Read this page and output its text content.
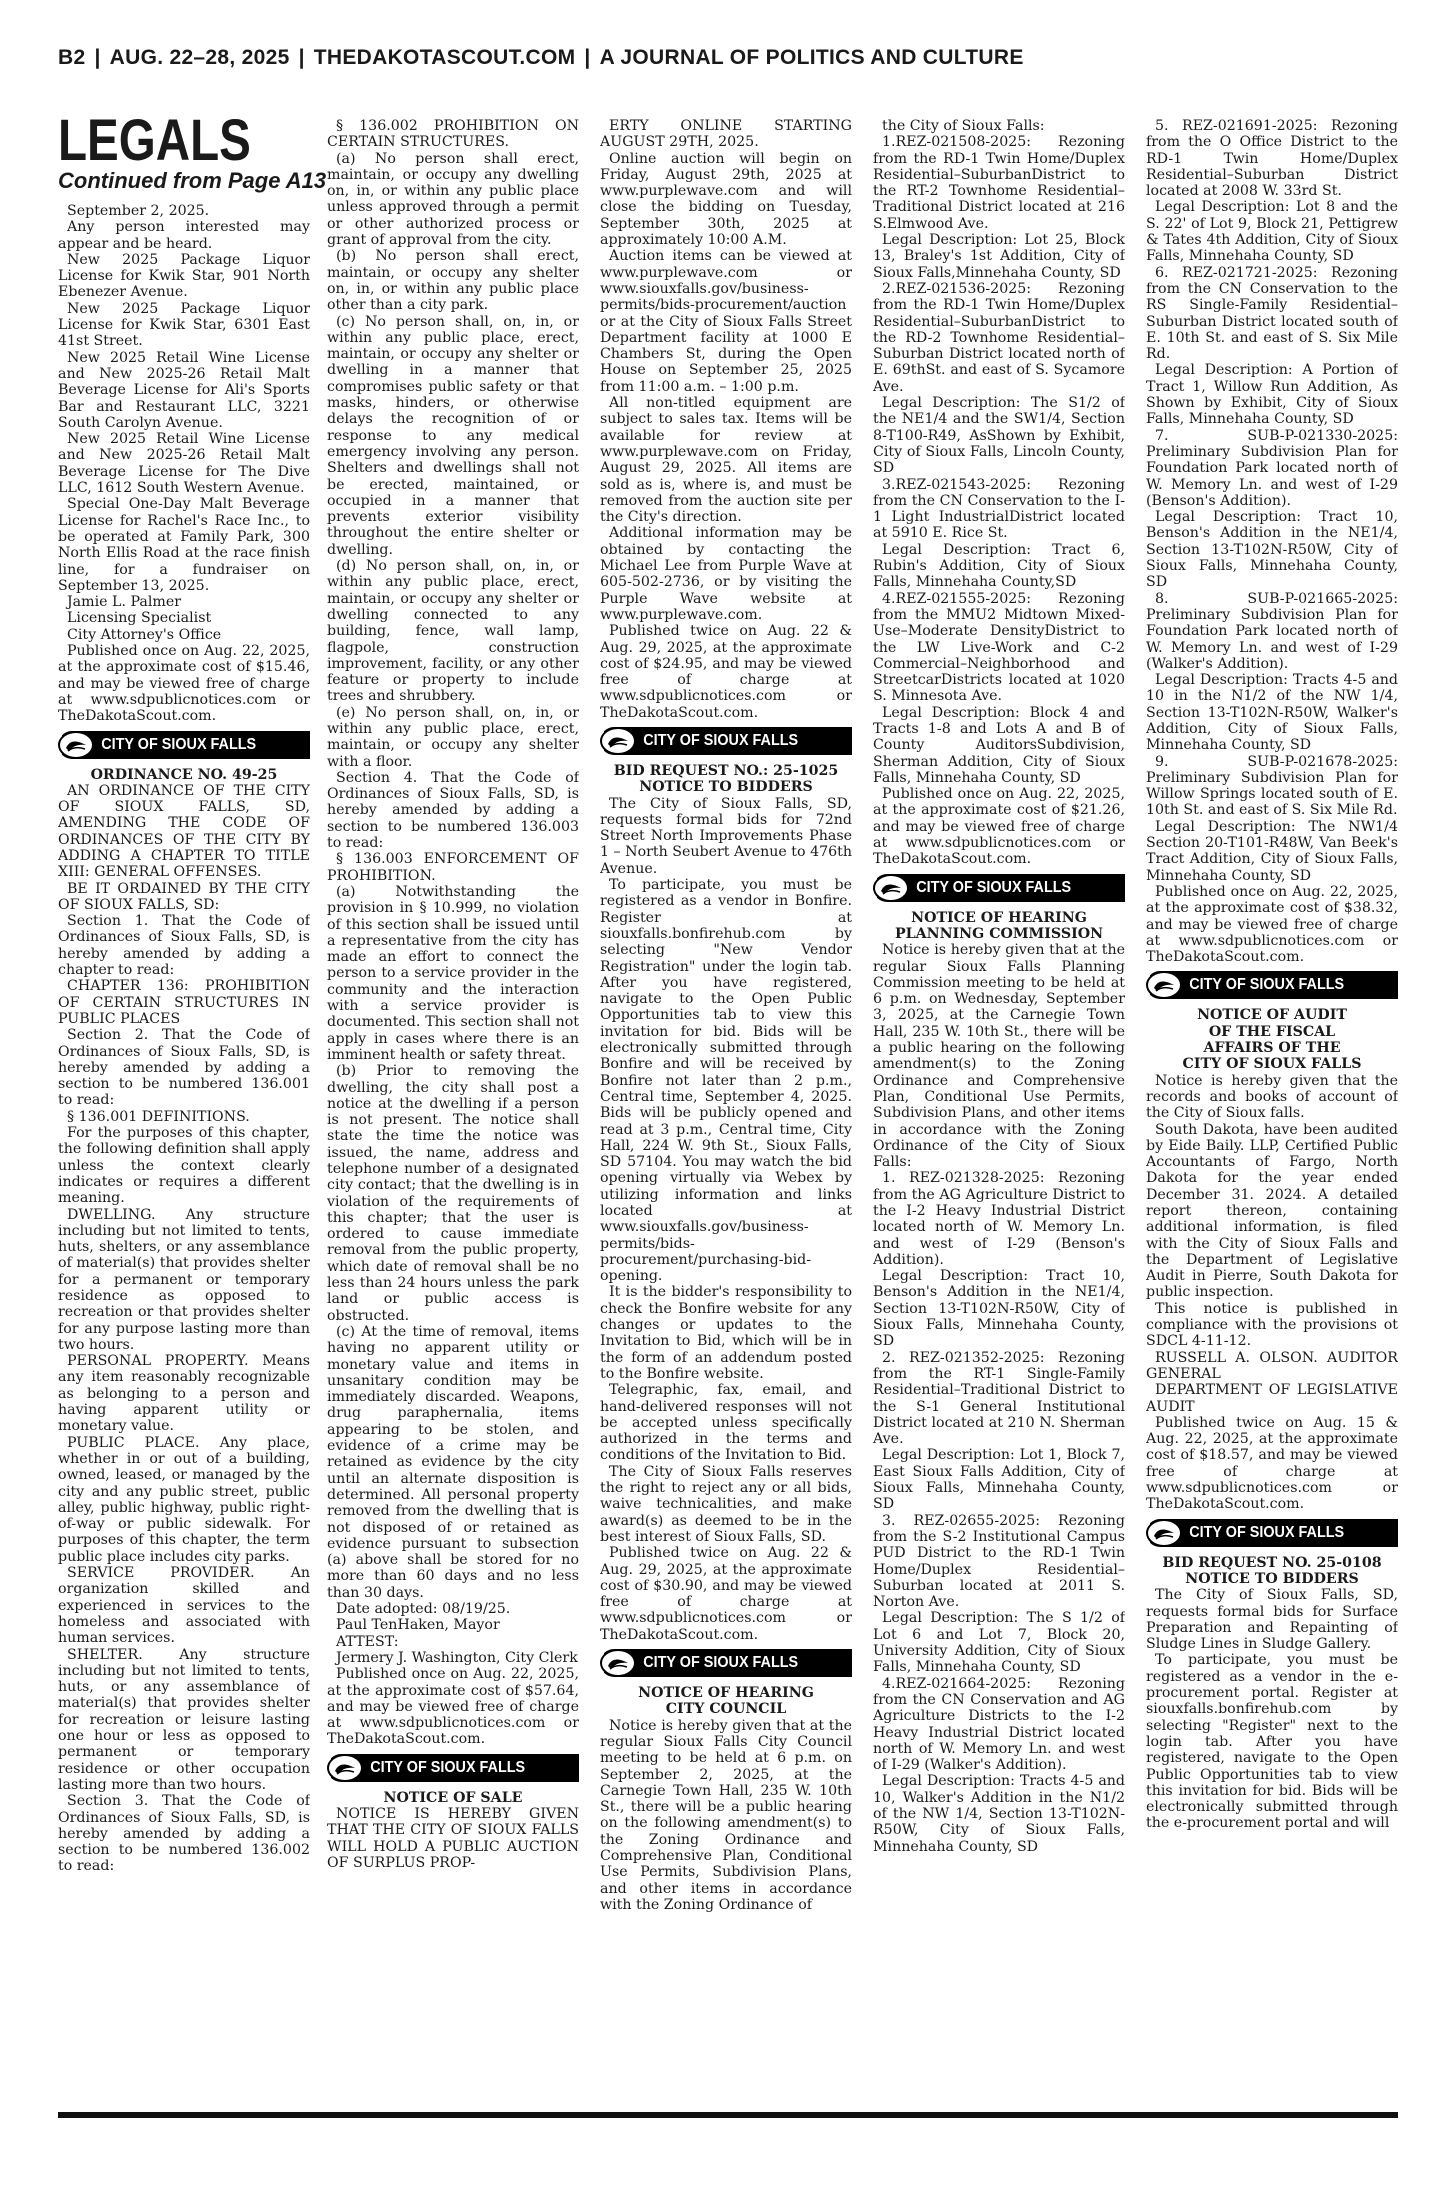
B2 | AUG. 22–28, 2025 | THEDAKOTASCOUT.COM | A JOURNAL OF POLITICS AND CULTURE
LEGALS
Continued from Page A13

September 2, 2025.

Any person interested may appear and be heard.

New 2025 Package Liquor License for Kwik Star, 901 North Ebenezer Avenue.

New 2025 Package Liquor License for Kwik Star, 6301 East 41st Street.

New 2025 Retail Wine License and New 2025-26 Retail Malt Beverage License for Ali's Sports Bar and Restaurant LLC, 3221 South Carolyn Avenue.

New 2025 Retail Wine License and New 2025-26 Retail Malt Beverage License for The Dive LLC, 1612 South Western Avenue.

Special One-Day Malt Beverage License for Rachel's Race Inc., to be operated at Family Park, 300 North Ellis Road at the race finish line, for a fundraiser on September 13, 2025.

Jamie L. Palmer

Licensing Specialist

City Attorney's Office

Published once on Aug. 22, 2025, at the approximate cost of $15.46, and may be viewed free of charge at www.sdpublicnotices.com or TheDakotaScout.com.

CITY OF SIOUX FALLS
ORDINANCE NO. 49-25

AN ORDINANCE OF THE CITY OF SIOUX FALLS, SD, AMENDING THE CODE OF ORDINANCES OF THE CITY BY ADDING A CHAPTER TO TITLE XIII: GENERAL OFFENSES.

BE IT ORDAINED BY THE CITY OF SIOUX FALLS, SD:

Section 1. That the Code of Ordinances of Sioux Falls, SD, is hereby amended by adding a chapter to read:

CHAPTER 136: PROHIBITION OF CERTAIN STRUCTURES IN PUBLIC PLACES

Section 2. That the Code of Ordinances of Sioux Falls, SD, is hereby amended by adding a section to be numbered 136.001 to read:

§ 136.001 DEFINITIONS.

For the purposes of this chapter, the following definition shall apply unless the context clearly indicates or requires a different meaning.

DWELLING. Any structure including but not limited to tents, huts, shelters, or any assemblance of material(s) that provides shelter for a permanent or temporary residence as opposed to recreation or that provides shelter for any purpose lasting more than two hours.

PERSONAL PROPERTY. Means any item reasonably recognizable as belonging to a person and having apparent utility or monetary value.

PUBLIC PLACE. Any place, whether in or out of a building, owned, leased, or managed by the city and any public street, public alley, public highway, public right-of-way or public sidewalk. For purposes of this chapter, the term public place includes city parks.

SERVICE PROVIDER. An organization skilled and experienced in services to the homeless and associated with human services.

SHELTER. Any structure including but not limited to tents, huts, or any assemblance of material(s) that provides shelter for recreation or leisure lasting one hour or less as opposed to permanent or temporary residence or other occupation lasting more than two hours.

Section 3. That the Code of Ordinances of Sioux Falls, SD, is hereby amended by adding a section to be numbered 136.002 to read:

§ 136.002 PROHIBITION ON CERTAIN STRUCTURES.

(a) No person shall erect, maintain, or occupy any dwelling on, in, or within any public place unless approved through a permit or other authorized process or grant of approval from the city.

(b) No person shall erect, maintain, or occupy any shelter on, in, or within any public place other than a city park.

(c) No person shall, on, in, or within any public place, erect, maintain, or occupy any shelter or dwelling in a manner that compromises public safety or that masks, hinders, or otherwise delays the recognition of or response to any medical emergency involving any person. Shelters and dwellings shall not be erected, maintained, or occupied in a manner that prevents exterior visibility throughout the entire shelter or dwelling.

(d) No person shall, on, in, or within any public place, erect, maintain, or occupy any shelter or dwelling connected to any building, fence, wall lamp, flagpole, construction improvement, facility, or any other feature or property to include trees and shrubbery.

(e) No person shall, on, in, or within any public place, erect, maintain, or occupy any shelter with a floor.

Section 4. That the Code of Ordinances of Sioux Falls, SD, is hereby amended by adding a section to be numbered 136.003 to read:

§ 136.003 ENFORCEMENT OF PROHIBITION.

(a) Notwithstanding the provision in § 10.999, no violation of this section shall be issued until a representative from the city has made an effort to connect the person to a service provider in the community and the interaction with a service provider is documented. This section shall not apply in cases where there is an imminent health or safety threat.

(b) Prior to removing the dwelling, the city shall post a notice at the dwelling if a person is not present. The notice shall state the time the notice was issued, the name, address and telephone number of a designated city contact; that the dwelling is in violation of the requirements of this chapter; that the user is ordered to cause immediate removal from the public property, which date of removal shall be no less than 24 hours unless the park land or public access is obstructed.

(c) At the time of removal, items having no apparent utility or monetary value and items in unsanitary condition may be immediately discarded. Weapons, drug paraphernalia, items appearing to be stolen, and evidence of a crime may be retained as evidence by the city until an alternate disposition is determined. All personal property removed from the dwelling that is not disposed of or retained as evidence pursuant to subsection (a) above shall be stored for no more than 60 days and no less than 30 days.

Date adopted: 08/19/25.

Paul TenHaken, Mayor

ATTEST:

Jermery J. Washington, City Clerk

Published once on Aug. 22, 2025, at the approximate cost of $57.64, and may be viewed free of charge at www.sdpublicnotices.com or TheDakotaScout.com.

CITY OF SIOUX FALLS
NOTICE OF SALE

NOTICE IS HEREBY GIVEN THAT THE CITY OF SIOUX FALLS WILL HOLD A PUBLIC AUCTION OF SURPLUS PROP-

ERTY ONLINE STARTING AUGUST 29TH, 2025.

Online auction will begin on Friday, August 29th, 2025 at www.purplewave.com and will close the bidding on Tuesday, September 30th, 2025 at approximately 10:00 A.M.

Auction items can be viewed at www.purplewave.com or www.siouxfalls.gov/business-permits/bids-procurement/auction or at the City of Sioux Falls Street Department facility at 1000 E Chambers St, during the Open House on September 25, 2025 from 11:00 a.m. – 1:00 p.m.

All non-titled equipment are subject to sales tax. Items will be available for review at www.purplewave.com on Friday, August 29, 2025. All items are sold as is, where is, and must be removed from the auction site per the City's direction.

Additional information may be obtained by contacting the Michael Lee from Purple Wave at 605-502-2736, or by visiting the Purple Wave website at www.purplewave.com.

Published twice on Aug. 22 & Aug. 29, 2025, at the approximate cost of $24.95, and may be viewed free of charge at www.sdpublicnotices.com or TheDakotaScout.com.

CITY OF SIOUX FALLS
BID REQUEST NO.: 25-1025
NOTICE TO BIDDERS

The City of Sioux Falls, SD, requests formal bids for 72nd Street North Improvements Phase 1 – North Seubert Avenue to 476th Avenue.

To participate, you must be registered as a vendor in Bonfire. Register at siouxfalls.bonfirehub.com by selecting "New Vendor Registration" under the login tab. After you have registered, navigate to the Open Public Opportunities tab to view this invitation for bid. Bids will be electronically submitted through Bonfire and will be received by Bonfire not later than 2 p.m., Central time, September 4, 2025. Bids will be publicly opened and read at 3 p.m., Central time, City Hall, 224 W. 9th St., Sioux Falls, SD 57104. You may watch the bid opening virtually via Webex by utilizing information and links located at www.siouxfalls.gov/business-permits/bids-procurement/purchasing-bid-opening.

It is the bidder's responsibility to check the Bonfire website for any changes or updates to the Invitation to Bid, which will be in the form of an addendum posted to the Bonfire website.

Telegraphic, fax, email, and hand-delivered responses will not be accepted unless specifically authorized in the terms and conditions of the Invitation to Bid.

The City of Sioux Falls reserves the right to reject any or all bids, waive technicalities, and make award(s) as deemed to be in the best interest of Sioux Falls, SD.

Published twice on Aug. 22 & Aug. 29, 2025, at the approximate cost of $30.90, and may be viewed free of charge at www.sdpublicnotices.com or TheDakotaScout.com.

CITY OF SIOUX FALLS
NOTICE OF HEARING
CITY COUNCIL

Notice is hereby given that at the regular Sioux Falls City Council meeting to be held at 6 p.m. on September 2, 2025, at the Carnegie Town Hall, 235 W. 10th St., there will be a public hearing on the following amendment(s) to the Zoning Ordinance and Comprehensive Plan, Conditional Use Permits, Subdivision Plans, and other items in accordance with the Zoning Ordinance of

the City of Sioux Falls:

1.REZ-021508-2025: Rezoning from the RD-1 Twin Home/Duplex Residential–SuburbanDistrict to the RT-2 Townhome Residential–Traditional District located at 216 S.Elmwood Ave.

Legal Description: Lot 25, Block 13, Braley's 1st Addition, City of Sioux Falls,Minnehaha County, SD

2.REZ-021536-2025: Rezoning from the RD-1 Twin Home/Duplex Residential–SuburbanDistrict to the RD-2 Townhome Residential–Suburban District located north of E. 69thSt. and east of S. Sycamore Ave.

Legal Description: The S1/2 of the NE1/4 and the SW1/4, Section 8-T100-R49, AsShown by Exhibit, City of Sioux Falls, Lincoln County, SD

3.REZ-021543-2025: Rezoning from the CN Conservation to the I-1 Light IndustrialDistrict located at 5910 E. Rice St.

Legal Description: Tract 6, Rubin's Addition, City of Sioux Falls, Minnehaha County,SD

4.REZ-021555-2025: Rezoning from the MMU2 Midtown Mixed-Use–Moderate DensityDistrict to the LW Live-Work and C-2 Commercial–Neighborhood and StreetcarDistricts located at 1020 S. Minnesota Ave.

Legal Description: Block 4 and Tracts 1-8 and Lots A and B of County AuditorsSubdivision, Sherman Addition, City of Sioux Falls, Minnehaha County, SD

Published once on Aug. 22, 2025, at the approximate cost of $21.26, and may be viewed free of charge at www.sdpublicnotices.com or TheDakotaScout.com.

CITY OF SIOUX FALLS
NOTICE OF HEARING
PLANNING COMMISSION

Notice is hereby given that at the regular Sioux Falls Planning Commission meeting to be held at 6 p.m. on Wednesday, September 3, 2025, at the Carnegie Town Hall, 235 W. 10th St., there will be a public hearing on the following amendment(s) to the Zoning Ordinance and Comprehensive Plan, Conditional Use Permits, Subdivision Plans, and other items in accordance with the Zoning Ordinance of the City of Sioux Falls:

1. REZ-021328-2025: Rezoning from the AG Agriculture District to the I-2 Heavy Industrial District located north of W. Memory Ln. and west of I-29 (Benson's Addition).

Legal Description: Tract 10, Benson's Addition in the NE1/4, Section 13-T102N-R50W, City of Sioux Falls, Minnehaha County, SD

2. REZ-021352-2025: Rezoning from the RT-1 Single-Family Residential–Traditional District to the S-1 General Institutional District located at 210 N. Sherman Ave.

Legal Description: Lot 1, Block 7, East Sioux Falls Addition, City of Sioux Falls, Minnehaha County, SD

3. REZ-02655-2025: Rezoning from the S-2 Institutional Campus PUD District to the RD-1 Twin Home/Duplex Residential–Suburban located at 2011 S. Norton Ave.

Legal Description: The S 1/2 of Lot 6 and Lot 7, Block 20, University Addition, City of Sioux Falls, Minnehaha County, SD

4.REZ-021664-2025: Rezoning from the CN Conservation and AG Agriculture Districts to the I-2 Heavy Industrial District located north of W. Memory Ln. and west of I-29 (Walker's Addition).

Legal Description: Tracts 4-5 and 10, Walker's Addition in the N1/2 of the NW 1/4, Section 13-T102N-R50W, City of Sioux Falls, Minnehaha County, SD

5. REZ-021691-2025: Rezoning from the O Office District to the RD-1 Twin Home/Duplex Residential–Suburban District located at 2008 W. 33rd St.

Legal Description: Lot 8 and the S. 22' of Lot 9, Block 21, Pettigrew & Tates 4th Addition, City of Sioux Falls, Minnehaha County, SD

6. REZ-021721-2025: Rezoning from the CN Conservation to the RS Single-Family Residential–Suburban District located south of E. 10th St. and east of S. Six Mile Rd.

Legal Description: A Portion of Tract 1, Willow Run Addition, As Shown by Exhibit, City of Sioux Falls, Minnehaha County, SD

7. SUB-P-021330-2025: Preliminary Subdivision Plan for Foundation Park located north of W. Memory Ln. and west of I-29 (Benson's Addition).

Legal Description: Tract 10, Benson's Addition in the NE1/4, Section 13-T102N-R50W, City of Sioux Falls, Minnehaha County, SD

8. SUB-P-021665-2025: Preliminary Subdivision Plan for Foundation Park located north of W. Memory Ln. and west of I-29 (Walker's Addition).

Legal Description: Tracts 4-5 and 10 in the N1/2 of the NW 1/4, Section 13-T102N-R50W, Walker's Addition, City of Sioux Falls, Minnehaha County, SD

9. SUB-P-021678-2025: Preliminary Subdivision Plan for Willow Springs located south of E. 10th St. and east of S. Six Mile Rd.

Legal Description: The NW1/4 Section 20-T101-R48W, Van Beek's Tract Addition, City of Sioux Falls, Minnehaha County, SD

Published once on Aug. 22, 2025, at the approximate cost of $38.32, and may be viewed free of charge at www.sdpublicnotices.com or TheDakotaScout.com.

CITY OF SIOUX FALLS
NOTICE OF AUDIT
OF THE FISCAL
AFFAIRS OF THE
CITY OF SIOUX FALLS

Notice is hereby given that the records and books of account of the City of Sioux falls.

South Dakota, have been audited by Eide Baily. LLP, Certified Public Accountants of Fargo, North Dakota for the year ended December 31. 2024. A detailed report thereon, containing additional information, is filed with the City of Sioux Falls and the Department of Legislative Audit in Pierre, South Dakota for public inspection.

This notice is published in compliance with the provisions ot SDCL 4-11-12.

RUSSELL A. OLSON. AUDITOR GENERAL

DEPARTMENT OF LEGISLATIVE AUDIT

Published twice on Aug. 15 & Aug. 22, 2025, at the approximate cost of $18.57, and may be viewed free of charge at www.sdpublicnotices.com or TheDakotaScout.com.

CITY OF SIOUX FALLS
BID REQUEST NO. 25-0108
NOTICE TO BIDDERS

The City of Sioux Falls, SD, requests formal bids for Surface Preparation and Repainting of Sludge Lines in Sludge Gallery.

To participate, you must be registered as a vendor in the e-procurement portal. Register at siouxfalls.bonfirehub.com by selecting "Register" next to the login tab. After you have registered, navigate to the Open Public Opportunities tab to view this invitation for bid. Bids will be electronically submitted through the e-procurement portal and will
